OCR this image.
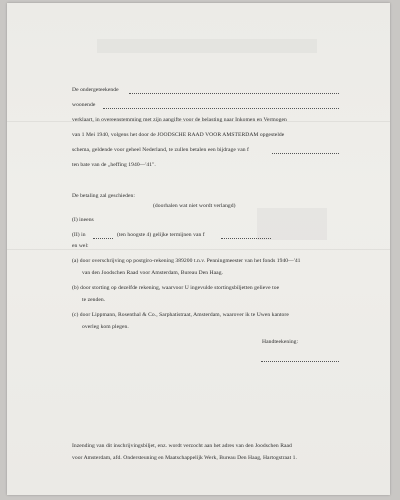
De ondergeteekende
woonende
verklaart, in overeenstemming met zijn aangifte voor de belasting naar Inkomen en Vermogen
van 1 Mei 1940, volgens het door de JOODSCHE RAAD VOOR AMSTERDAM opgestelde
schema, geldende voor geheel Nederland, te zullen betalen een bijdrage van f
ten bate van de „heffing 1940—'41".
De betaling zal geschieden:
(doorhalen wat niet wordt verlangd)
(I) ineens
(II) in	(ten hoogste 4) gelijke termijnen van f
en wel:
(a) door overschrijving op postgiro-rekening 389200 t.n.v. Penningmeester van het fonds 1940—'41
van den Joodschen Raad voor Amsterdam, Bureau Den Haag.
(b) door storting op dezelfde rekening, waarvoor U ingevulde stortingsbiljetten gelieve toe
te zenden.
(c) door Lippmann, Rosenthal & Co., Sarphatistraat, Amsterdam, waarover ik te Uwen kantore
overleg kom plegen.
Handteekening:
Inzending van dit inschrijvingsbiljet, enz. wordt verzocht aan het adres van den Joodschen Raad
voor Amsterdam, afd. Ondersteuning en Maatschappelijk Werk, Bureau Den Haag, Hartogstraat 1.
